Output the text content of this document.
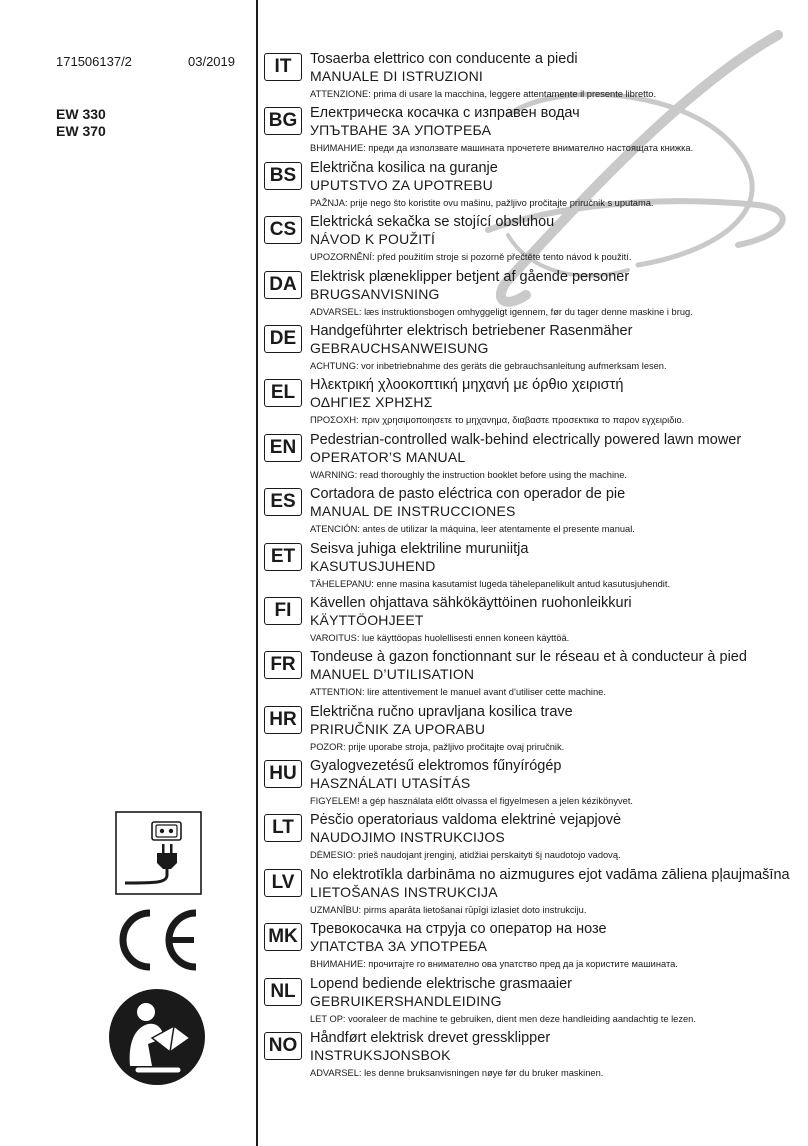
171506137/2	03/2019
EW 330
EW 370
IT	Tosaerba elettrico con conducente a piedi
MANUALE DI ISTRUZIONI
ATTENZIONE: prima di usare la macchina, leggere attentamente il presente libretto.
BG Електрическа косачка с изправен водач
УПЪТВАНЕ ЗА УПОТРЕБА
ВНИМАНИЕ: преди да използвате машината прочетете внимателно настоящата книжка.
BS Električna kosilica na guranje
UPUTSTVO ZA UPOTREBU
PAŽNJA: prije nego što koristite ovu mašinu, pažljivo pročitajte priručnik s uputama.
CS Elektrická sekačka se stojící obsluhou
NÁVOD K POUŽITÍ
UPOZORNĚNÍ: před použitím stroje si pozorně přečtěte tento návod k použití.
DA Elektrisk plæneklipper betjent af gående personer
BRUGSANVISNING
ADVARSEL: læs instruktionsbogen omhyggeligt igennem, før du tager denne maskine i brug.
DE Handgeführter elektrisch betriebener Rasenmäher
GEBRAUCHSANWEISUNG
ACHTUNG: vor inbetriebnahme des geräts die gebrauchsanleitung aufmerksam lesen.
EL	Ηλεκτρική χλοοκοπτική μηχανή με όρθιο χειριστή
ΟΔΗΓΙΕΣ ΧΡΗΣΗΣ
ΠΡΟΣΟΧΗ: πριν χρησιμοποιησετε το μηχανημα, διαβαστε προσεκτικα το παρον εγχειριδιο.
EN Pedestrian-controlled walk-behind electrically powered lawn mower
OPERATOR’S MANUAL
WARNING: read thoroughly the instruction booklet before using the machine.
ES Cortadora de pasto eléctrica con operador de pie
MANUAL DE INSTRUCCIONES
ATENCIÓN: antes de utilizar la máquina, leer atentamente el presente manual.
ET	Seisva juhiga elektriline muruniitja
KASUTUSJUHEND
TÄHELEPANU: enne masina kasutamist lugeda tähelepanelikult antud kasutusjuhendit.
FI	Kävellen ohjattava sähkökäyttöinen ruohonleikkuri
KÄYTTÖOHJEET
VAROITUS: lue käyttöopas huolellisesti ennen koneen käyttöä.
FR Tondeuse à gazon fonctionnant sur le réseau et à conducteur à pied
MANUEL D’UTILISATION
ATTENTION: lire attentivement le manuel avant d’utiliser cette machine.
HR Električna ručno upravljana kosilica trave
PRIRUČNIK ZA UPORABU
POZOR: prije uporabe stroja, pažljivo pročitajte ovaj priručnik.
HU Gyalogvezetésű elektromos fűnyírógép
HASZNÁLATI UTASÍTÁS
FIGYELEM! a gép használata előtt olvassa el figyelmesen a jelen kézikönyvet.
LT	Pėsčio operatoriaus valdoma elektrinė vejapjovė
NAUDOJIMO INSTRUKCIJOS
DĖMESIO: prieš naudojant įrenginį, atidžiai perskaityti šį naudotojo vadovą.
LV	No elektrotīkla darbināma no aizmugures ejot vadāma zāliena pļaujmašīna
LIETOŠANAS INSTRUKCIJA
UZMANĪBU: pirms aparāta lietošanai rūpīgi izlasiet doto instrukciju.
MK Тревокосачка на струја со оператор на нозе
УПАТСТВА ЗА УПОТРЕБА
ВНИМАНИЕ: прочитајте го внимателно ова упатство пред да ја користите машината.
NL Lopend bediende elektrische grasmaaier
GEBRUIKERSHANDLEIDING
LET OP: vooraleer de machine te gebruiken, dient men deze handleiding aandachtig te lezen.
NO Håndført elektrisk drevet gressklipper
INSTRUKSJONSBOK
ADVARSEL: les denne bruksanvisningen nøye før du bruker maskinen.
